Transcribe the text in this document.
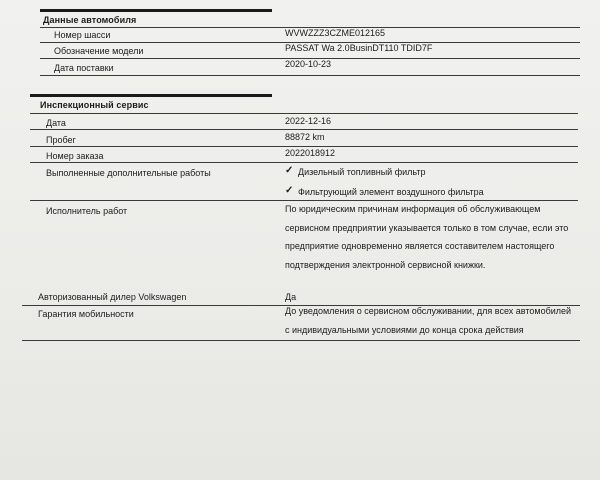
Данные автомобиля
Номер шасси	WVWZZZ3CZME012165
Обозначение модели	PASSAT Wa 2.0BusinDT110 TDID7F
Дата поставки	2020-10-23
Инспекционный сервис
Дата	2022-12-16
Пробег	88872 km
Номер заказа	2022018912
Выполненные дополнительные работы	✓ Дизельный топливный фильтр
✓ Фильтрующий элемент воздушного фильтра
Исполнитель работ	По юридическим причинам информация об обслуживающем
сервисном предприятии указывается только в том случае, если это
предприятие одновременно является составителем настоящего
подтверждения электронной сервисной книжки.
Авторизованный дилер Volkswagen	Да
Гарантия мобильности	До уведомления о сервисном обслуживании, для всех автомобилей
с индивидуальными условиями до конца срока действия
